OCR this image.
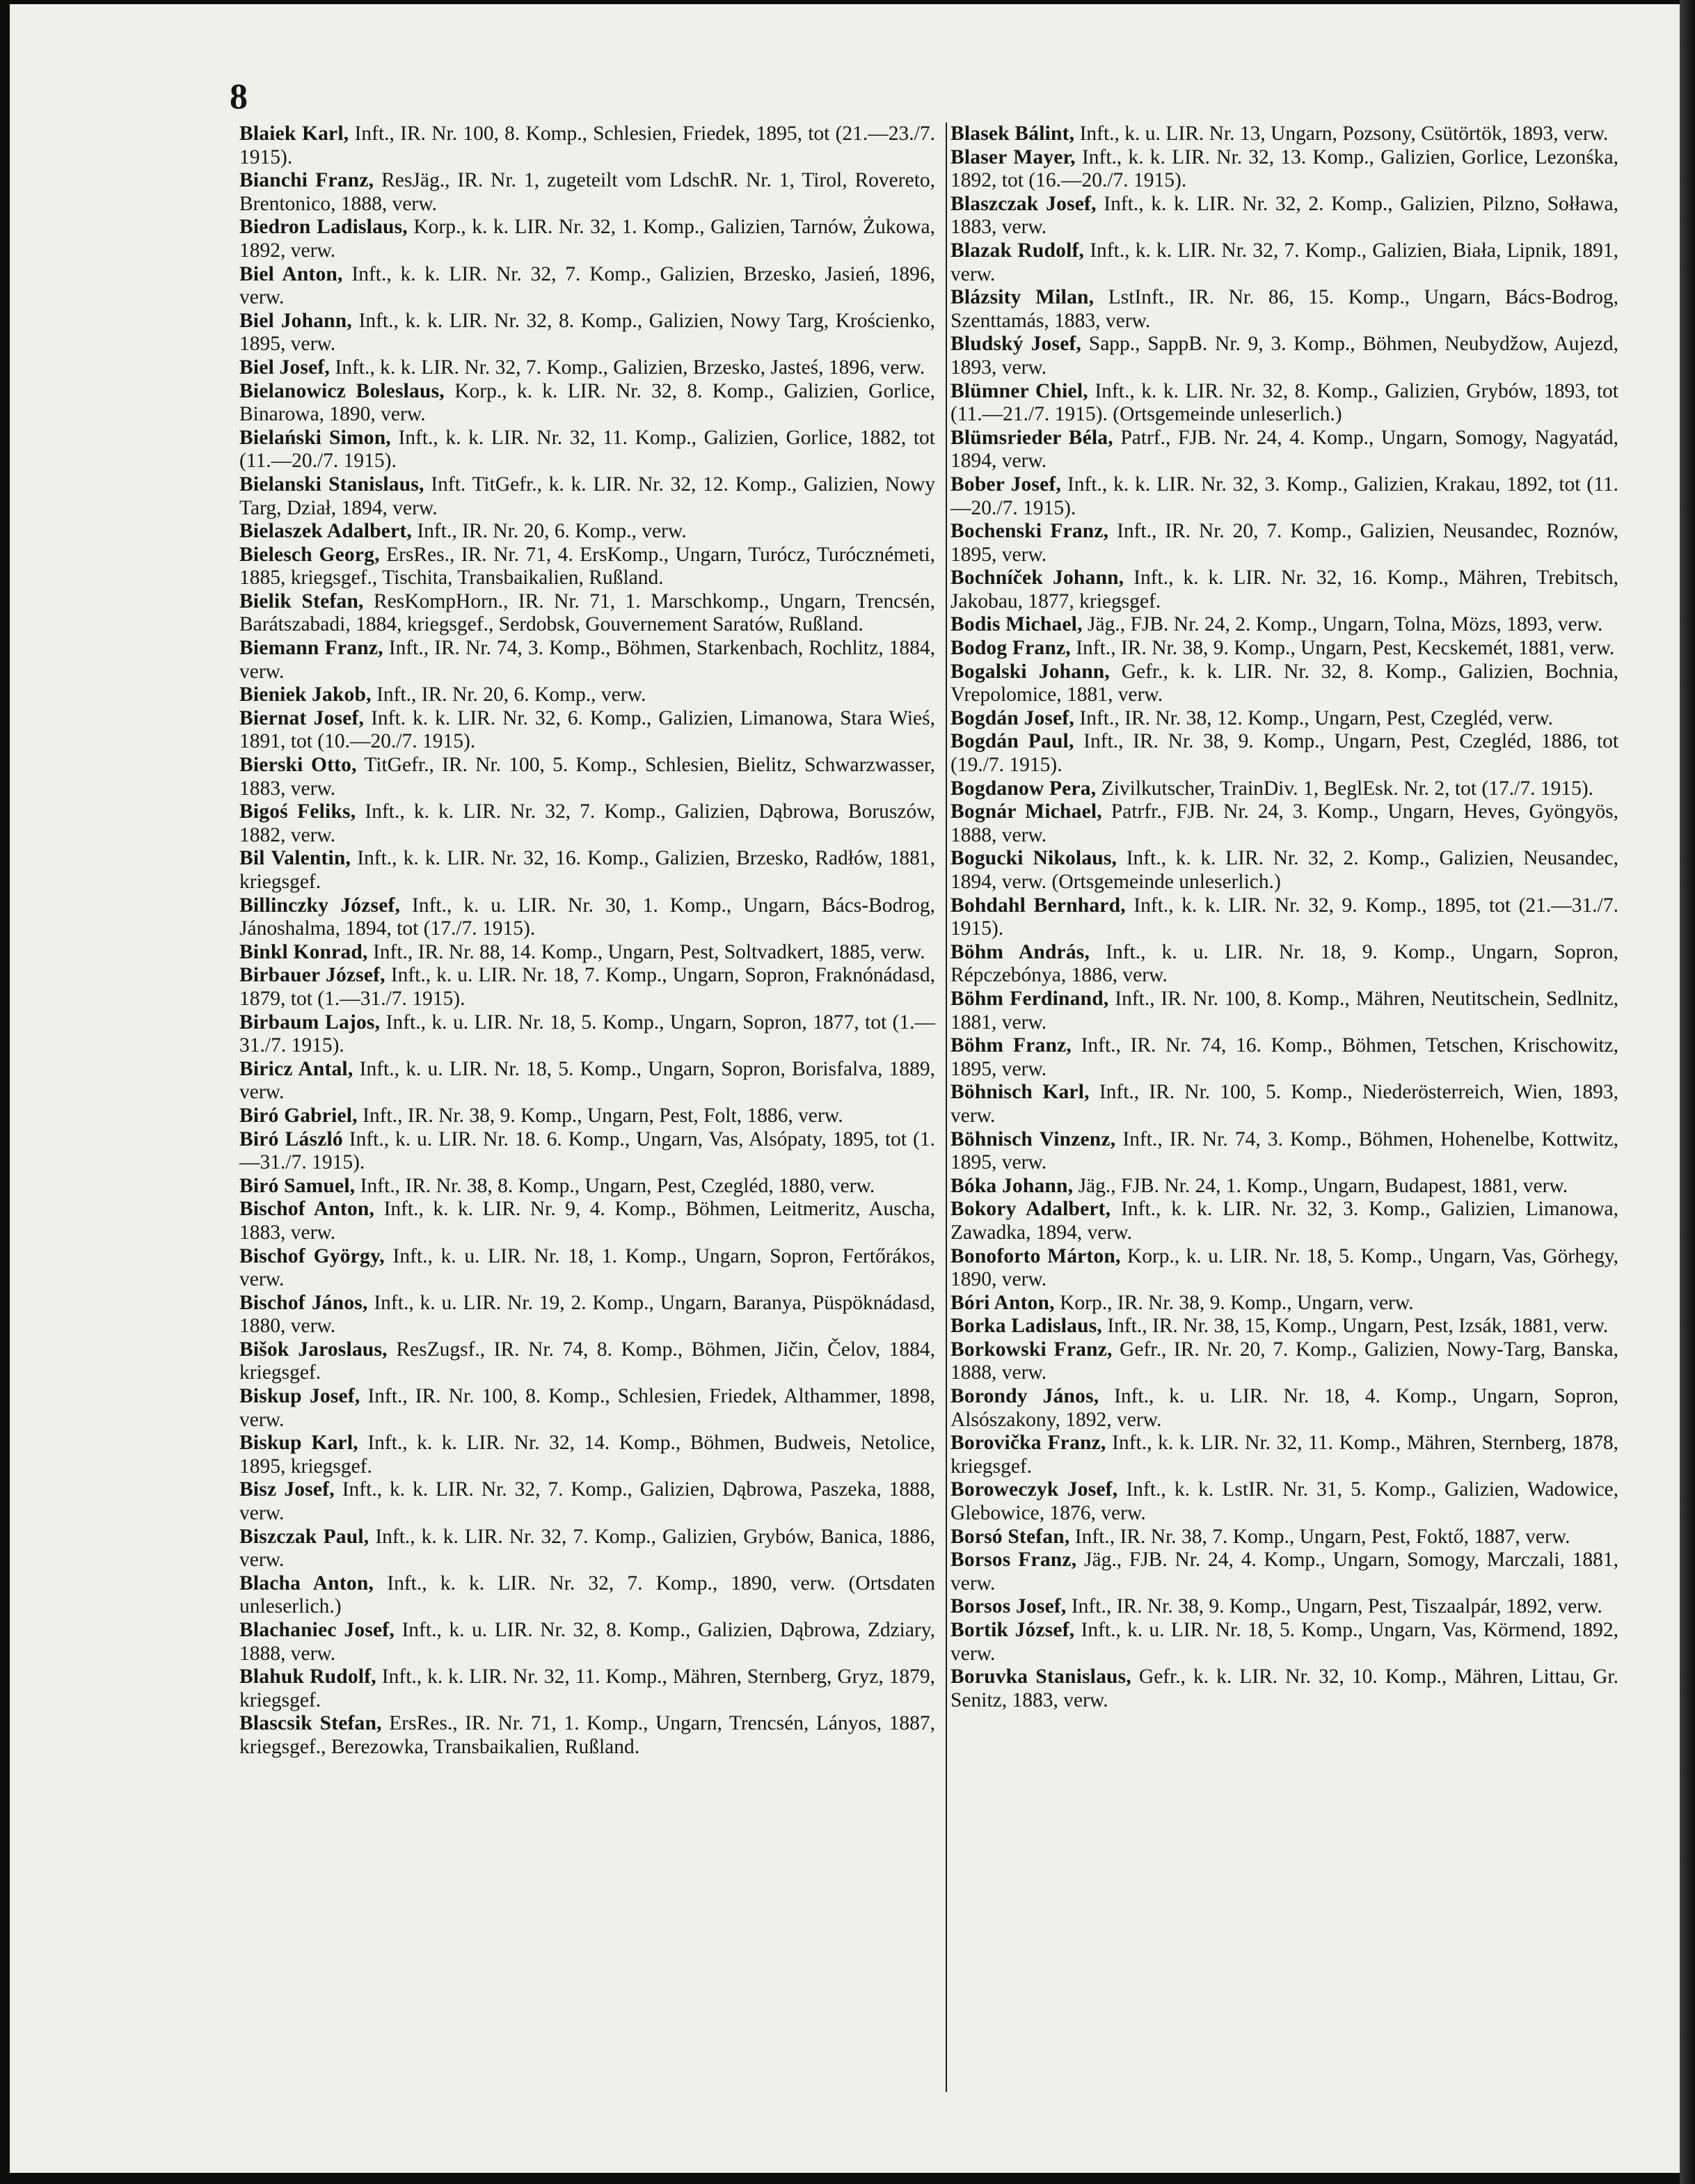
8

Blaiek Karl, Inft., IR. Nr. 100, 8. Komp., Schlesien, Friedek, 1895, tot (21.—23./7. 1915).

Bianchi Franz, ResJäg., IR. Nr. 1, zugeteilt vom LdschR. Nr. 1, Tirol, Rovereto, Brentonico, 1888, verw.

Biedron Ladislaus, Korp., k. k. LIR. Nr. 32, 1. Komp., Galizien, Tarnów, Żukowa, 1892, verw.

Biel Anton, Inft., k. k. LIR. Nr. 32, 7. Komp., Galizien, Brzesko, Jasień, 1896, verw.

Biel Johann, Inft., k. k. LIR. Nr. 32, 8. Komp., Galizien, Nowy Targ, Krościenko, 1895, verw.

Biel Josef, Inft., k. k. LIR. Nr. 32, 7. Komp., Galizien, Brzesko, Jasteś, 1896, verw.

Bielanowicz Boleslaus, Korp., k. k. LIR. Nr. 32, 8. Komp., Galizien, Gorlice, Binarowa, 1890, verw.

Bielański Simon, Inft., k. k. LIR. Nr. 32, 11. Komp., Galizien, Gorlice, 1882, tot (11.—20./7. 1915).

Bielanski Stanislaus, Inft. TitGefr., k. k. LIR. Nr. 32, 12. Komp., Galizien, Nowy Targ, Dział, 1894, verw.

Bielaszek Adalbert, Inft., IR. Nr. 20, 6. Komp., verw.

Bielesch Georg, ErsRes., IR. Nr. 71, 4. ErsKomp., Ungarn, Turócz, Turócznémeti, 1885, kriegsgef., Tischita, Transbaikalien, Rußland.

Bielik Stefan, ResKompHorn., IR. Nr. 71, 1. Marschkomp., Ungarn, Trencsén, Barátszabadi, 1884, kriegsgef., Serdobsk, Gouvernement Saratów, Rußland.

Biemann Franz, Inft., IR. Nr. 74, 3. Komp., Böhmen, Starkenbach, Rochlitz, 1884, verw.

Bieniek Jakob, Inft., IR. Nr. 20, 6. Komp., verw.

Biernat Josef, Inft. k. k. LIR. Nr. 32, 6. Komp., Galizien, Limanowa, Stara Wieś, 1891, tot (10.—20./7. 1915).

Bierski Otto, TitGefr., IR. Nr. 100, 5. Komp., Schlesien, Bielitz, Schwarzwasser, 1883, verw.

Bigoś Feliks, Inft., k. k. LIR. Nr. 32, 7. Komp., Galizien, Dąbrowa, Boruszów, 1882, verw.

Bil Valentin, Inft., k. k. LIR. Nr. 32, 16. Komp., Galizien, Brzesko, Radłów, 1881, kriegsgef.

Billinczky József, Inft., k. u. LIR. Nr. 30, 1. Komp., Ungarn, Bács-Bodrog, Jánoshalma, 1894, tot (17./7. 1915).

Binkl Konrad, Inft., IR. Nr. 88, 14. Komp., Ungarn, Pest, Soltvadkert, 1885, verw.

Birbauer József, Inft., k. u. LIR. Nr. 18, 7. Komp., Ungarn, Sopron, Fraknónádasd, 1879, tot (1.—31./7. 1915).

Birbaum Lajos, Inft., k. u. LIR. Nr. 18, 5. Komp., Ungarn, Sopron, 1877, tot (1.—31./7. 1915).

Biricz Antal, Inft., k. u. LIR. Nr. 18, 5. Komp., Ungarn, Sopron, Borisfalva, 1889, verw.

Biró Gabriel, Inft., IR. Nr. 38, 9. Komp., Ungarn, Pest, Folt, 1886, verw.

Biró László Inft., k. u. LIR. Nr. 18. 6. Komp., Ungarn, Vas, Alsópaty, 1895, tot (1.—31./7. 1915).

Biró Samuel, Inft., IR. Nr. 38, 8. Komp., Ungarn, Pest, Czegléd, 1880, verw.

Bischof Anton, Inft., k. k. LIR. Nr. 9, 4. Komp., Böhmen, Leitmeritz, Auscha, 1883, verw.

Bischof György, Inft., k. u. LIR. Nr. 18, 1. Komp., Ungarn, Sopron, Fertőrákos, verw.

Bischof János, Inft., k. u. LIR. Nr. 19, 2. Komp., Ungarn, Baranya, Püspöknádasd, 1880, verw.

Bišok Jaroslaus, ResZugsf., IR. Nr. 74, 8. Komp., Böhmen, Jičin, Čelov, 1884, kriegsgef.

Biskup Josef, Inft., IR. Nr. 100, 8. Komp., Schlesien, Friedek, Althammer, 1898, verw.

Biskup Karl, Inft., k. k. LIR. Nr. 32, 14. Komp., Böhmen, Budweis, Netolice, 1895, kriegsgef.

Bisz Josef, Inft., k. k. LIR. Nr. 32, 7. Komp., Galizien, Dąbrowa, Paszeka, 1888, verw.

Biszczak Paul, Inft., k. k. LIR. Nr. 32, 7. Komp., Galizien, Grybów, Banica, 1886, verw.

Blacha Anton, Inft., k. k. LIR. Nr. 32, 7. Komp., 1890, verw. (Ortsdaten unleserlich.)

Blachaniec Josef, Inft., k. u. LIR. Nr. 32, 8. Komp., Galizien, Dąbrowa, Zdziary, 1888, verw.

Blahuk Rudolf, Inft., k. k. LIR. Nr. 32, 11. Komp., Mähren, Sternberg, Gryz, 1879, kriegsgef.

Blascsik Stefan, ErsRes., IR. Nr. 71, 1. Komp., Ungarn, Trencsén, Lányos, 1887, kriegsgef., Berezowka, Transbaikalien, Rußland.

Blasek Bálint, Inft., k. u. LIR. Nr. 13, Ungarn, Pozsony, Csütörtök, 1893, verw.

Blaser Mayer, Inft., k. k. LIR. Nr. 32, 13. Komp., Galizien, Gorlice, Lezonśka, 1892, tot (16.—20./7. 1915).

Blaszczak Josef, Inft., k. k. LIR. Nr. 32, 2. Komp., Galizien, Pilzno, Sołława, 1883, verw.

Blazak Rudolf, Inft., k. k. LIR. Nr. 32, 7. Komp., Galizien, Biała, Lipnik, 1891, verw.

Blázsity Milan, LstInft., IR. Nr. 86, 15. Komp., Ungarn, Bács-Bodrog, Szenttamás, 1883, verw.

Bludský Josef, Sapp., SappB. Nr. 9, 3. Komp., Böhmen, Neubydžow, Aujezd, 1893, verw.

Blümner Chiel, Inft., k. k. LIR. Nr. 32, 8. Komp., Galizien, Grybów, 1893, tot (11.—21./7. 1915). (Ortsgemeinde unleserlich.)

Blümsrieder Béla, Patrf., FJB. Nr. 24, 4. Komp., Ungarn, Somogy, Nagyatád, 1894, verw.

Bober Josef, Inft., k. k. LIR. Nr. 32, 3. Komp., Galizien, Krakau, 1892, tot (11.—20./7. 1915).

Bochenski Franz, Inft., IR. Nr. 20, 7. Komp., Galizien, Neusandec, Roznów, 1895, verw.

Bochníček Johann, Inft., k. k. LIR. Nr. 32, 16. Komp., Mähren, Trebitsch, Jakobau, 1877, kriegsgef.

Bodis Michael, Jäg., FJB. Nr. 24, 2. Komp., Ungarn, Tolna, Mözs, 1893, verw.

Bodog Franz, Inft., IR. Nr. 38, 9. Komp., Ungarn, Pest, Kecskemét, 1881, verw.

Bogalski Johann, Gefr., k. k. LIR. Nr. 32, 8. Komp., Galizien, Bochnia, Vrepolomice, 1881, verw.

Bogdán Josef, Inft., IR. Nr. 38, 12. Komp., Ungarn, Pest, Czegléd, verw.

Bogdán Paul, Inft., IR. Nr. 38, 9. Komp., Ungarn, Pest, Czegléd, 1886, tot (19./7. 1915).

Bogdanow Pera, Zivilkutscher, TrainDiv. 1, BeglEsk. Nr. 2, tot (17./7. 1915).

Bognár Michael, Patrfr., FJB. Nr. 24, 3. Komp., Ungarn, Heves, Gyöngyös, 1888, verw.

Bogucki Nikolaus, Inft., k. k. LIR. Nr. 32, 2. Komp., Galizien, Neusandec, 1894, verw. (Ortsgemeinde unleserlich.)

Bohdahl Bernhard, Inft., k. k. LIR. Nr. 32, 9. Komp., 1895, tot (21.—31./7. 1915).

Böhm András, Inft., k. u. LIR. Nr. 18, 9. Komp., Ungarn, Sopron, Répczebónya, 1886, verw.

Böhm Ferdinand, Inft., IR. Nr. 100, 8. Komp., Mähren, Neutitschein, Sedlnitz, 1881, verw.

Böhm Franz, Inft., IR. Nr. 74, 16. Komp., Böhmen, Tetschen, Krischowitz, 1895, verw.

Böhnisch Karl, Inft., IR. Nr. 100, 5. Komp., Niederösterreich, Wien, 1893, verw.

Böhnisch Vinzenz, Inft., IR. Nr. 74, 3. Komp., Böhmen, Hohenelbe, Kottwitz, 1895, verw.

Bóka Johann, Jäg., FJB. Nr. 24, 1. Komp., Ungarn, Budapest, 1881, verw.

Bokory Adalbert, Inft., k. k. LIR. Nr. 32, 3. Komp., Galizien, Limanowa, Zawadka, 1894, verw.

Bonoforto Márton, Korp., k. u. LIR. Nr. 18, 5. Komp., Ungarn, Vas, Görhegy, 1890, verw.

Bóri Anton, Korp., IR. Nr. 38, 9. Komp., Ungarn, verw.

Borka Ladislaus, Inft., IR. Nr. 38, 15, Komp., Ungarn, Pest, Izsák, 1881, verw.

Borkowski Franz, Gefr., IR. Nr. 20, 7. Komp., Galizien, Nowy-Targ, Banska, 1888, verw.

Borondy János, Inft., k. u. LIR. Nr. 18, 4. Komp., Ungarn, Sopron, Alsószakony, 1892, verw.

Borovička Franz, Inft., k. k. LIR. Nr. 32, 11. Komp., Mähren, Sternberg, 1878, kriegsgef.

Boroweczyk Josef, Inft., k. k. LstIR. Nr. 31, 5. Komp., Galizien, Wadowice, Glebowice, 1876, verw.

Borsó Stefan, Inft., IR. Nr. 38, 7. Komp., Ungarn, Pest, Foktő, 1887, verw.

Borsos Franz, Jäg., FJB. Nr. 24, 4. Komp., Ungarn, Somogy, Marczali, 1881, verw.

Borsos Josef, Inft., IR. Nr. 38, 9. Komp., Ungarn, Pest, Tiszaalpár, 1892, verw.

Bortik József, Inft., k. u. LIR. Nr. 18, 5. Komp., Ungarn, Vas, Körmend, 1892, verw.

Boruvka Stanislaus, Gefr., k. k. LIR. Nr. 32, 10. Komp., Mähren, Littau, Gr. Senitz, 1883, verw.
